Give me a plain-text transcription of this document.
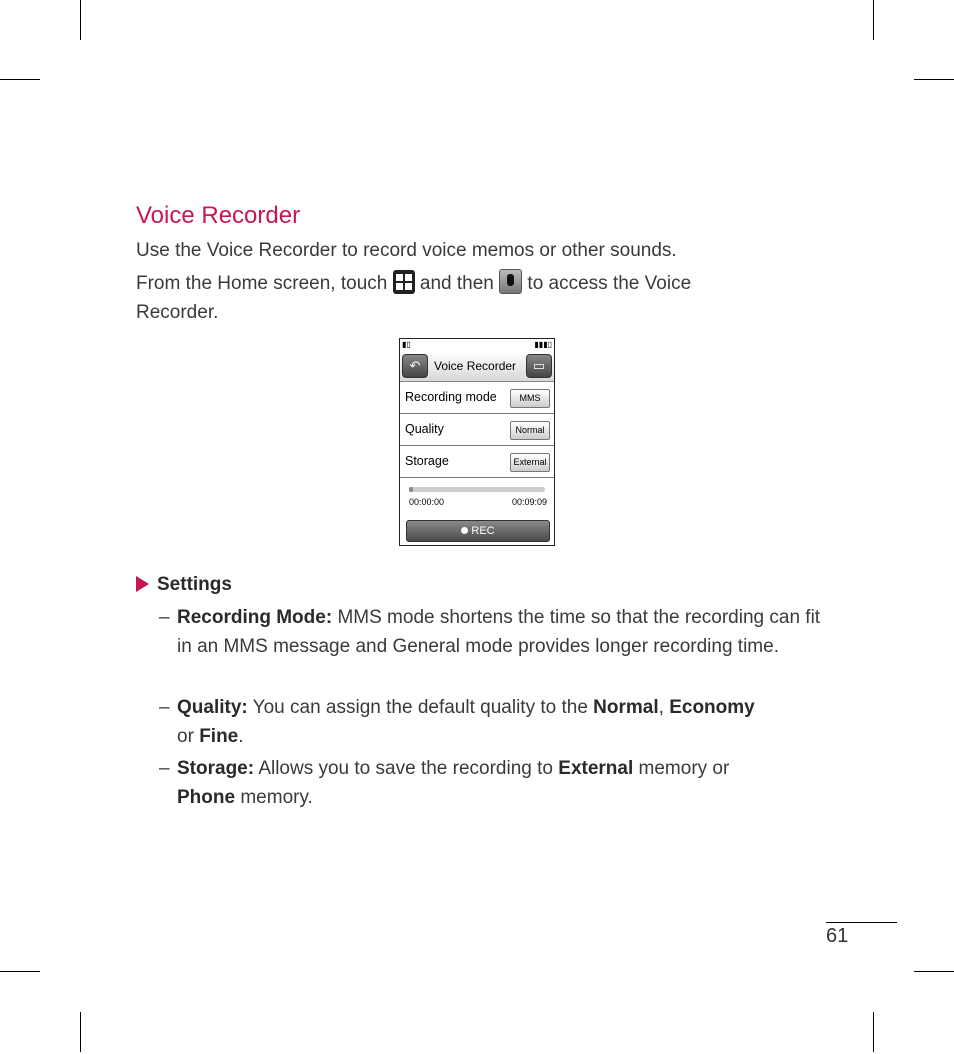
Voice Recorder

Use the Voice Recorder to record voice memos or other sounds.

From the Home screen, touch and then to access the Voice

Recorder.

▮▯	▮▮▮▯
↶	Voice Recorder	▭
Recording mode	MMS
Quality	Normal
Storage	External
00:00:00	00:09:09
REC
Settings
– Recording Mode: MMS mode shortens the time so that the recording can fit in an MMS message and General mode provides longer recording time.
– Quality: You can assign the default quality to the Normal, Economy
or Fine.
– Storage: Allows you to save the recording to External memory or
Phone memory.
61
